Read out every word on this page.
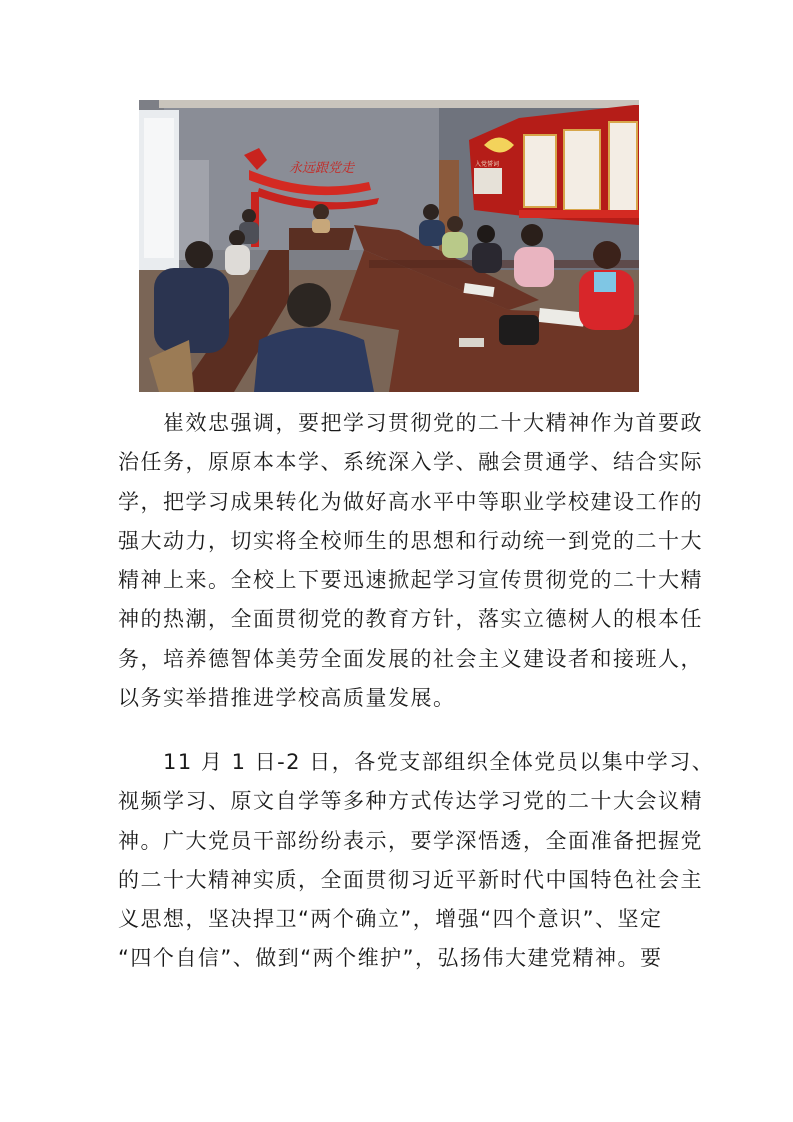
永远跟党走	入党誓词
　　崔效忠强调，要把学习贯彻党的二十大精神作为首要政
治任务，原原本本学、系统深入学、融会贯通学、结合实际
学，把学习成果转化为做好高水平中等职业学校建设工作的
强大动力，切实将全校师生的思想和行动统一到党的二十大
精神上来。全校上下要迅速掀起学习宣传贯彻党的二十大精
神的热潮，全面贯彻党的教育方针，落实立德树人的根本任
务，培养德智体美劳全面发展的社会主义建设者和接班人，
以务实举措推进学校高质量发展。
　　11 月 1 日-2 日，各党支部组织全体党员以集中学习、
视频学习、原文自学等多种方式传达学习党的二十大会议精
神。广大党员干部纷纷表示，要学深悟透，全面准备把握党
的二十大精神实质，全面贯彻习近平新时代中国特色社会主
义思想，坚决捍卫“两个确立”，增强“四个意识”、坚定
“四个自信”、做到“两个维护”，弘扬伟大建党精神。要
